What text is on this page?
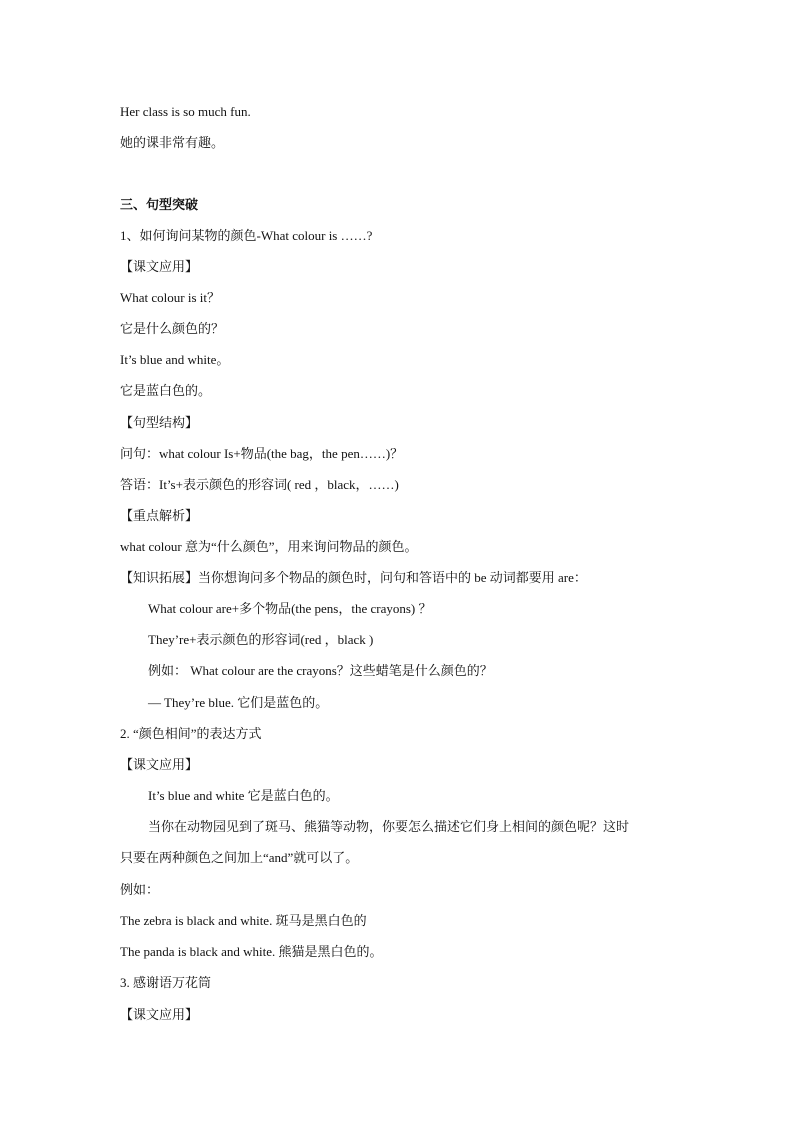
Her class is so much fun.
她的课非常有趣。
三、句型突破
1、如何询问某物的颜色-What colour is ……?
【课文应用】
What colour is it？
它是什么颜色的？
It’s blue and white。
它是蓝白色的。
【句型结构】
问句：what colour Is+物品(the bag，the pen……)？
答语：It’s+表示颜色的形容词( red ，black，……)
【重点解析】
what colour 意为“什么颜色”，用来询问物品的颜色。
【知识拓展】当你想询问多个物品的颜色时，问句和答语中的 be 动词都要用 are：
What colour are+多个物品(the pens，the crayons) ？
They’re+表示颜色的形容词(red ，black )
例如： What colour are the crayons？这些蜡笔是什么颜色的？
— They’re blue. 它们是蓝色的。
2. “颜色相间”的表达方式
【课文应用】
It’s blue and white 它是蓝白色的。
当你在动物园见到了斑马、熊猫等动物，你要怎么描述它们身上相间的颜色呢？这时
只要在两种颜色之间加上“and”就可以了。
例如：
The zebra is black and white. 斑马是黑白色的
The panda is black and white. 熊猫是黑白色的。
3. 感谢语万花筒
【课文应用】
